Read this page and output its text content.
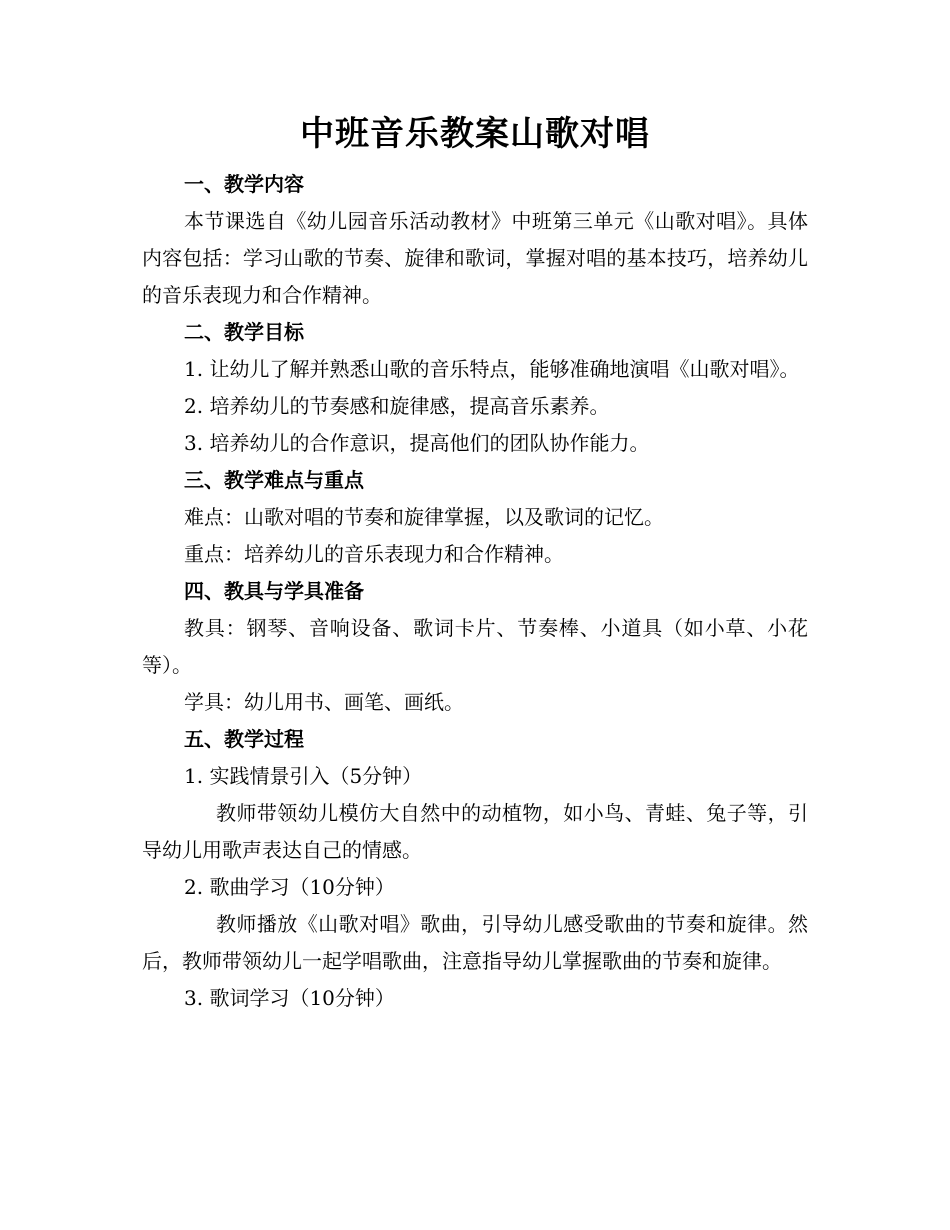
中班音乐教案山歌对唱

一、教学内容

本节课选自《幼儿园音乐活动教材》中班第三单元《山歌对唱》。具体内容包括：学习山歌的节奏、旋律和歌词，掌握对唱的基本技巧，培养幼儿的音乐表现力和合作精神。

二、教学目标

1. 让幼儿了解并熟悉山歌的音乐特点，能够准确地演唱《山歌对唱》。

2. 培养幼儿的节奏感和旋律感，提高音乐素养。

3. 培养幼儿的合作意识，提高他们的团队协作能力。

三、教学难点与重点

难点：山歌对唱的节奏和旋律掌握，以及歌词的记忆。

重点：培养幼儿的音乐表现力和合作精神。

四、教具与学具准备

教具：钢琴、音响设备、歌词卡片、节奏棒、小道具（如小草、小花等）。

学具：幼儿用书、画笔、画纸。

五、教学过程

1. 实践情景引入（5分钟）

教师带领幼儿模仿大自然中的动植物，如小鸟、青蛙、兔子等，引导幼儿用歌声表达自己的情感。

2. 歌曲学习（10分钟）

教师播放《山歌对唱》歌曲，引导幼儿感受歌曲的节奏和旋律。然后，教师带领幼儿一起学唱歌曲，注意指导幼儿掌握歌曲的节奏和旋律。

3. 歌词学习（10分钟）
